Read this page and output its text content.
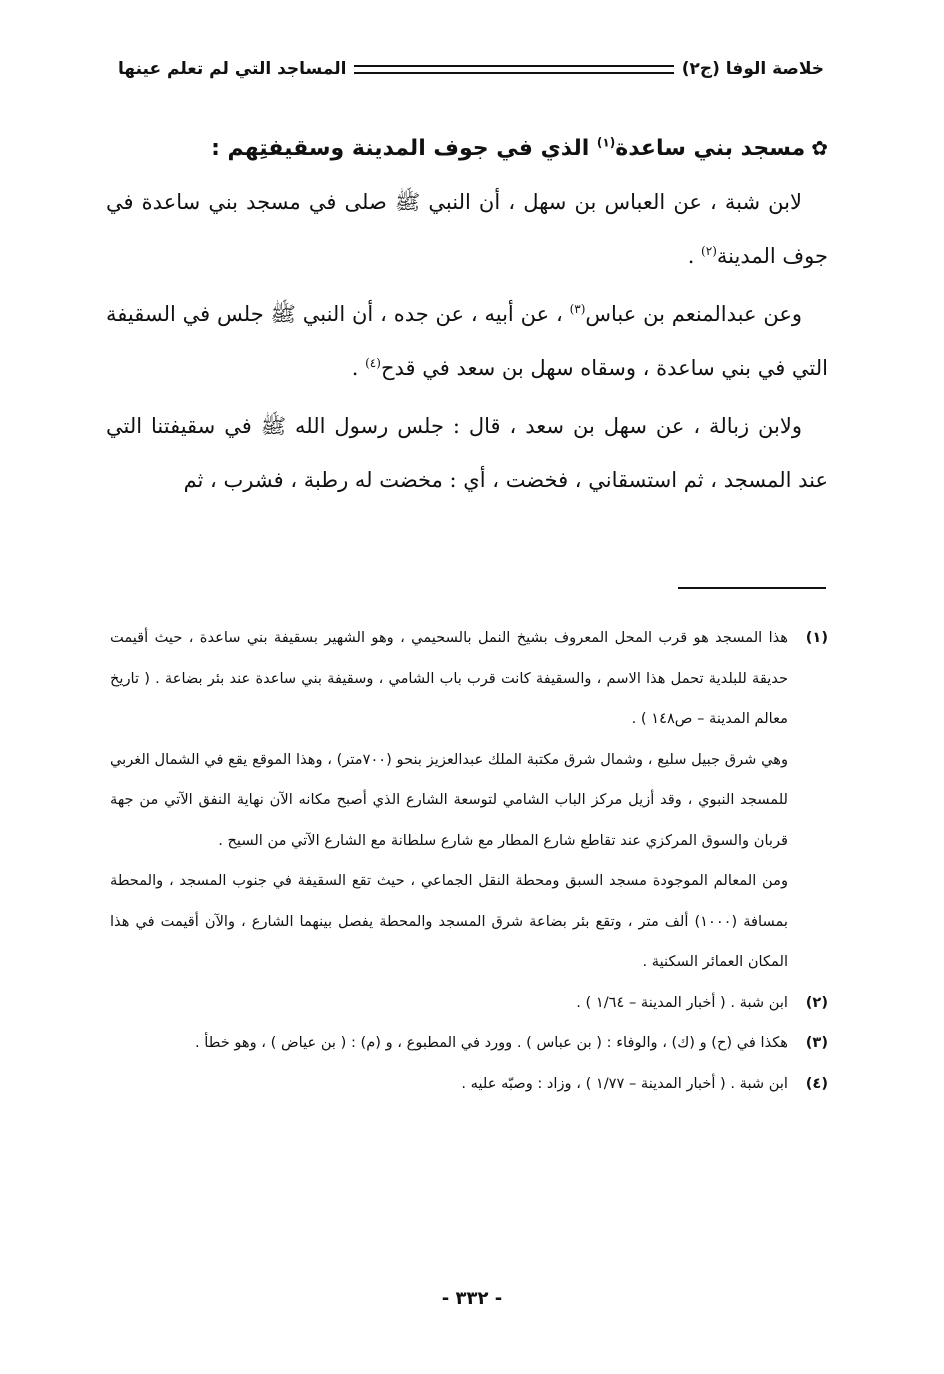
خلاصة الوفا (ج٢)
المساجد التي لم تعلم عينها
✿مسجد بني ساعدة$^{(١)}$ الذي في جوف المدينة وسقيفتِهم :

لابن شبة ، عن العباس بن سهل ، أن النبي ﷺ صلى في مسجد بني ساعدة في جوف المدينة$^{(٢)}$ .

وعن عبدالمنعم بن عباس$^{(٣)}$ ، عن أبيه ، عن جده ، أن النبي ﷺ جلس في السقيفة التي في بني ساعدة ، وسقاه سهل بن سعد في قدح$^{(٤)}$ .

ولابن زبالة ، عن سهل بن سعد ، قال : جلس رسول الله ﷺ في سقيفتنا التي عند المسجد ، ثم استسقاني ، فخضت ، أي : مخضت له رطبة ، فشرب ، ثم

(١)

هذا المسجد هو قرب المحل المعروف بشيخ النمل بالسحيمي ، وهو الشهير بسقيفة بني ساعدة ، حيث أقيمت حديقة للبلدية تحمل هذا الاسم ، والسقيفة كانت قرب باب الشامي ، وسقيفة بني ساعدة عند بئر بضاعة . ( تاريخ معالم المدينة – ص١٤٨ ) .

وهي شرق جبيل سليع ، وشمال شرق مكتبة الملك عبدالعزيز بنحو (٧٠٠متر) ، وهذا الموقع يقع في الشمال الغربي للمسجد النبوي ، وقد أزيل مركز الباب الشامي لتوسعة الشارع الذي أصبح مكانه الآن نهاية النفق الآتي من جهة قربان والسوق المركزي عند تقاطع شارع المطار مع شارع سلطانة مع الشارع الآتي من السيح .

ومن المعالم الموجودة مسجد السبق ومحطة النقل الجماعي ، حيث تقع السقيفة في جنوب المسجد ، والمحطة بمسافة (١٠٠٠) ألف متر ، وتقع بئر بضاعة شرق المسجد والمحطة يفصل بينهما الشارع ، والآن أقيمت في هذا المكان العمائر السكنية .

(٢)

ابن شبة . ( أخبار المدينة – ١/٦٤ ) .

(٣)

هكذا في (ح) و (ك) ، والوفاء : ( بن عباس ) . وورد في المطبوع ، و (م) : ( بن عياض ) ، وهو خطأ .

(٤)

ابن شبة . ( أخبار المدينة – ١/٧٧ ) ، وزاد : وصبّه عليه .

- ٣٣٢ -
